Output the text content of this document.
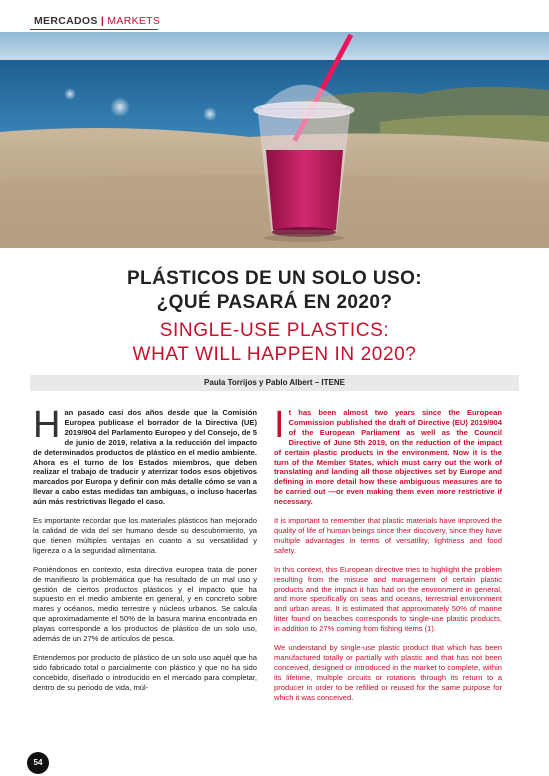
MERCADOS | MARKETS
PLÁSTICOS DE UN SOLO USO:
¿QUÉ PASARÁ EN 2020?
SINGLE-USE PLASTICS:
WHAT WILL HAPPEN IN 2020?
Paula Torrijos y Pablo Albert – ITENE

Han pasado casi dos años desde que la Comisión Europea publicase el borrador de la Directiva (UE) 2019/904 del Parlamento Europeo y del Consejo, de 5 de junio de 2019, relativa a la reducción del impacto de determinados productos de plástico en el medio ambiente. Ahora es el turno de los Estados miembros, que deben realizar el trabajo de traducir y aterrizar todos esos objetivos marcados por Europa y definir con más detalle cómo se van a llevar a cabo estas medidas tan ambiguas, o incluso hacerlas aún más restrictivas llegado el caso.

Es importante recordar que los materiales plásticos han mejorado la calidad de vida del ser humano desde su descubrimiento, ya que tienen múltiples ventajas en cuanto a su versatilidad y ligereza o a la seguridad alimentaria.

Poniéndonos en contexto, esta directiva europea trata de poner de manifiesto la problemática que ha resultado de un mal uso y gestión de ciertos productos plásticos y el impacto que ha supuesto en el medio ambiente en general, y en concreto sobre mares y océanos, medio terrestre y núcleos urbanos. Se calcula que aproximadamente el 50% de la basura marina encontrada en playas corresponde a los productos de plástico de un solo uso, además de un 27% de artículos de pesca.

Entendemos por producto de plástico de un solo uso aquél que ha sido fabricado total o parcialmente con plástico y que no ha sido concebido, diseñado o introducido en el mercado para completar, dentro de su periodo de vida, múl-

It has been almost two years since the European Commission published the draft of Directive (EU) 2019/904 of the European Parliament as well as the Council Directive of June 5th 2019, on the reduction of the impact of certain plastic products in the environment. Now it is the turn of the Member States, which must carry out the work of translating and landing all those objectives set by Europe and defining in more detail how these ambiguous measures are to be carried out —or even making them even more restrictive if necessary.

It is important to remember that plastic materials have improved the quality of life of human beings since their discovery, since they have multiple advantages in terms of versatility, lightness and food safety.

In this context, this European directive tries to highlight the problem resulting from the misuse and management of certain plastic products and the impact it has had on the environment in general, and more specifically on seas and oceans, terrestrial environment and urban areas. It is estimated that approximately 50% of marine litter found on beaches corresponds to single-use plastic products, in addition to 27% coming from fishing items (1).

We understand by single-use plastic product that which has been manufactured totally or partially with plastic and that has not been conceived, designed or introduced in the market to complete, within its lifetime, multiple circuits or rotations through its return to a producer in order to be refilled or reused for the same purpose for which it was conceived.

54
